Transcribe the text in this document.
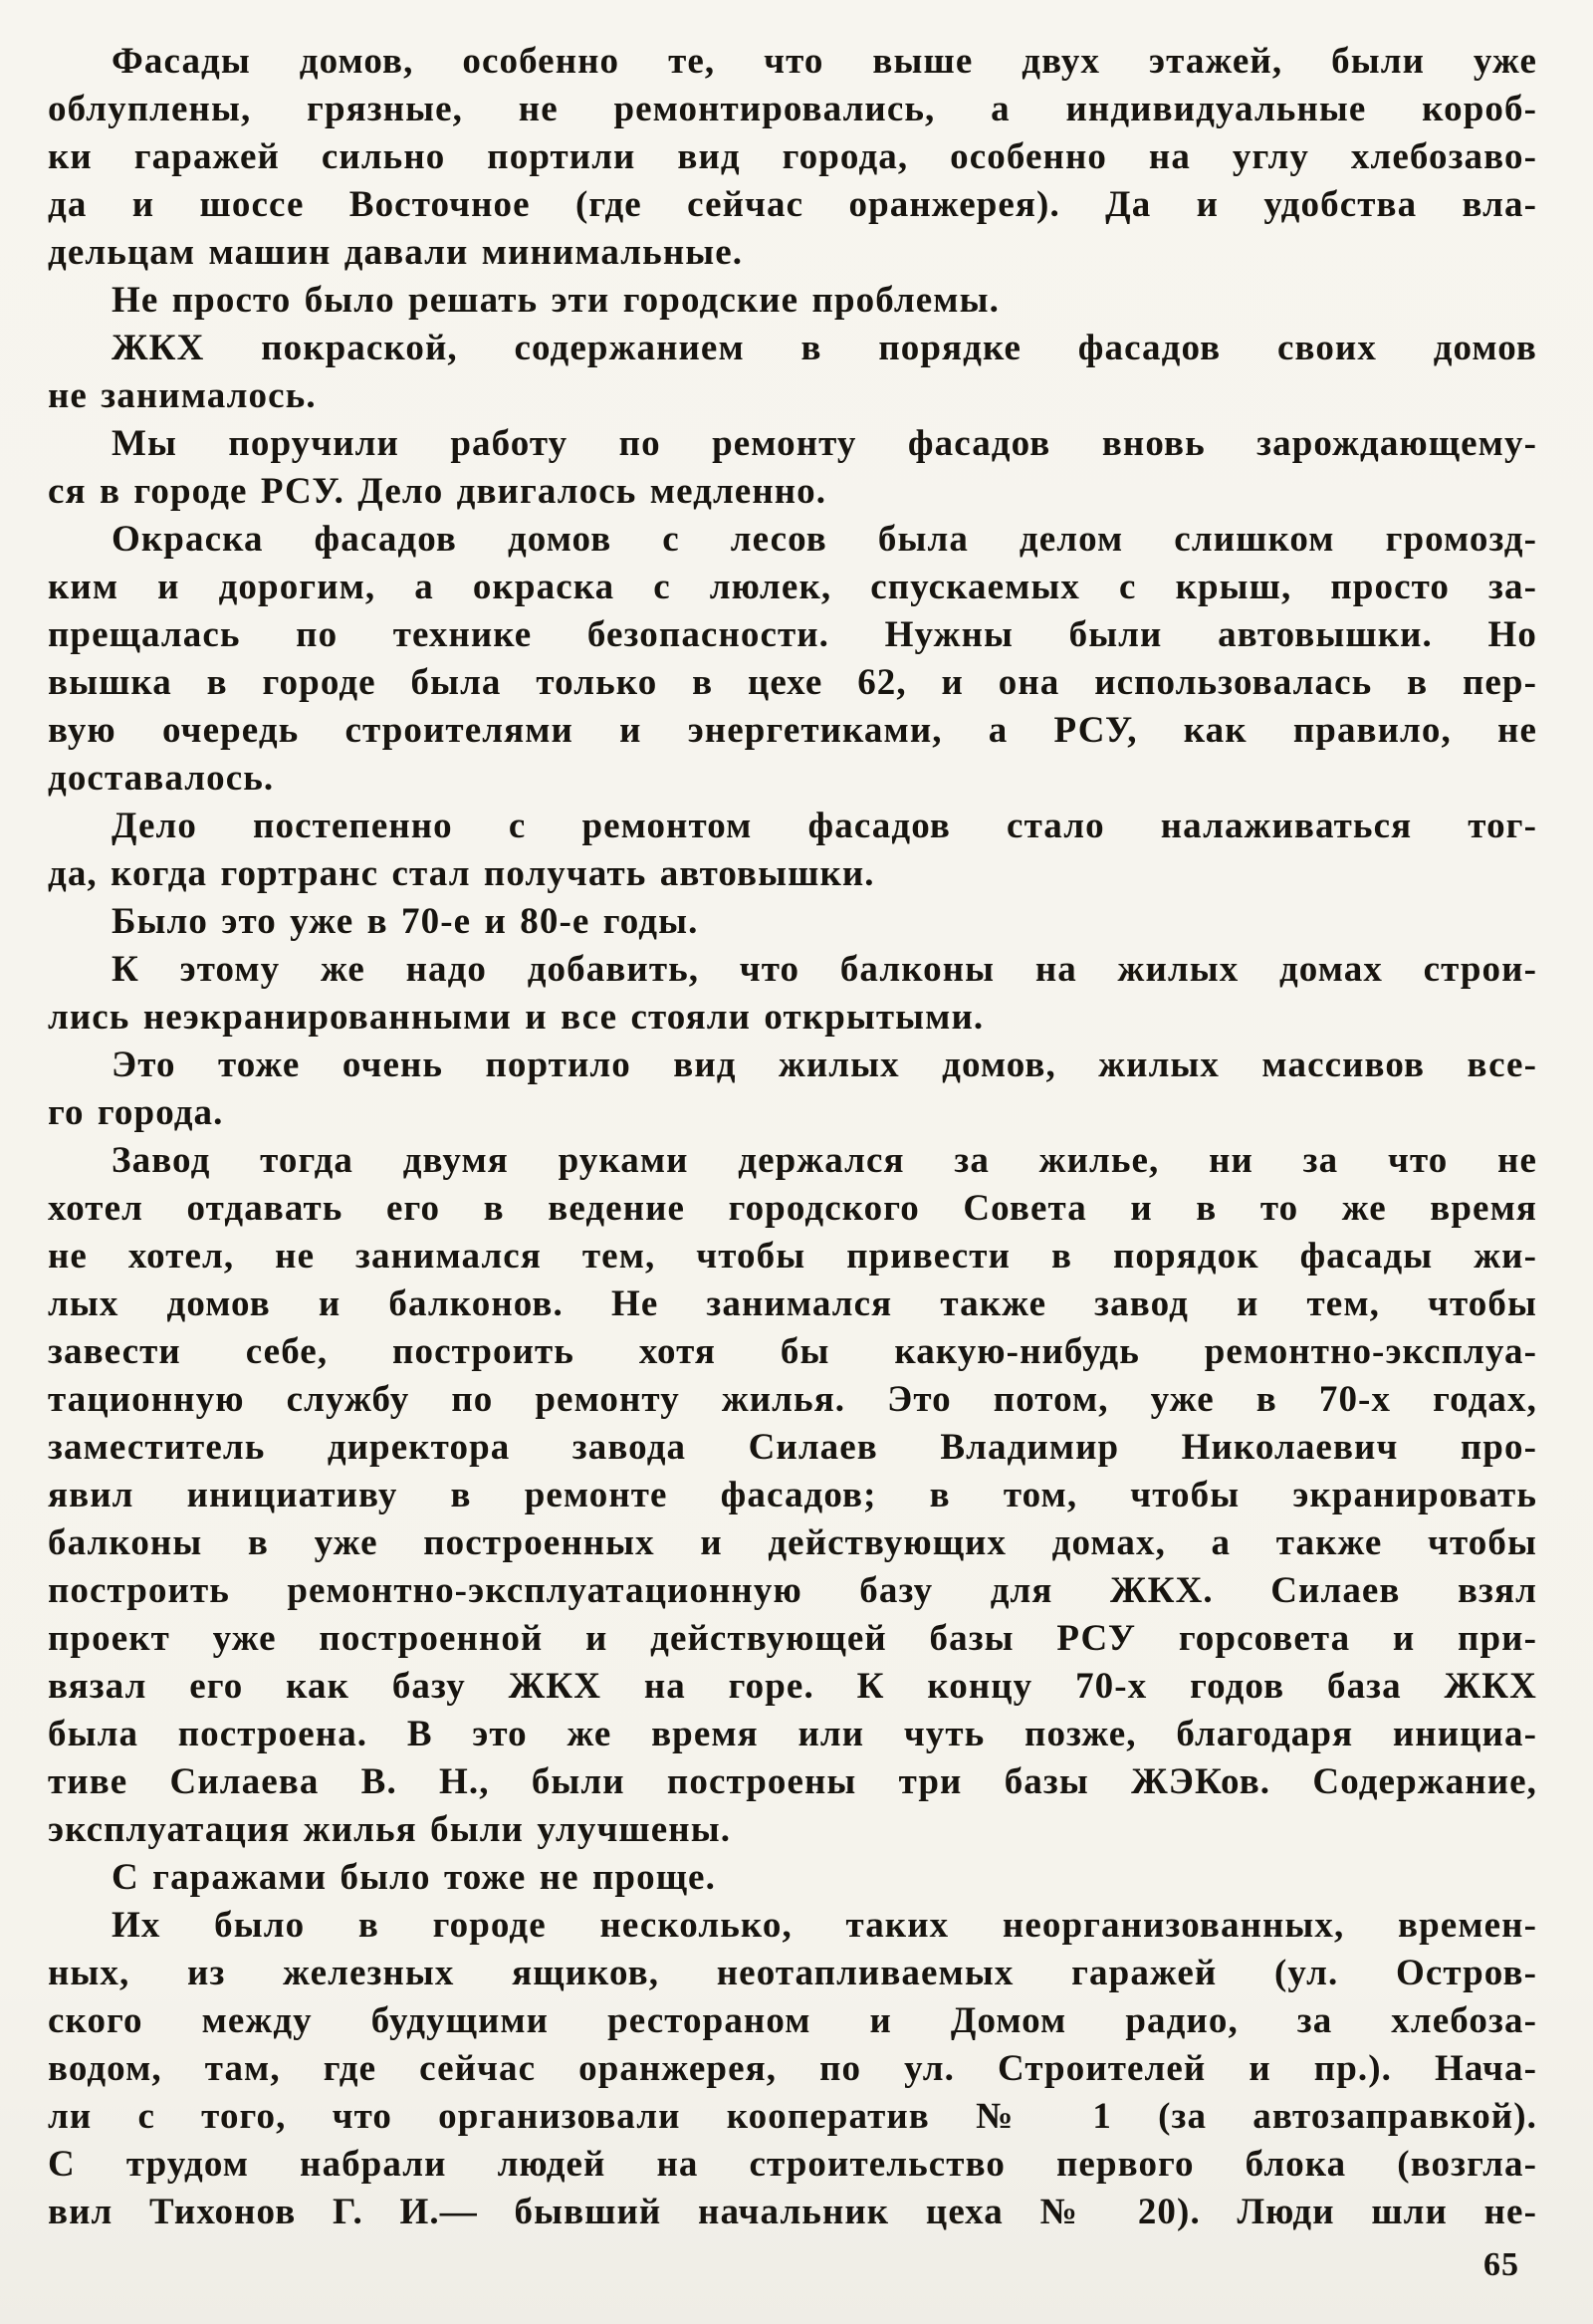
Фасады домов, особенно те, что выше двух этажей, были уже
облуплены, грязные, не ремонтировались, а индивидуальные короб-
ки гаражей сильно портили вид города, особенно на углу хлебозаво-
да и шоссе Восточное (где сейчас оранжерея). Да и удобства вла-
дельцам машин давали минимальные.
Не просто было решать эти городские проблемы.
ЖКХ покраской, содержанием в порядке фасадов своих домов
не занималось.
Мы поручили работу по ремонту фасадов вновь зарождающему-
ся в городе РСУ. Дело двигалось медленно.
Окраска фасадов домов с лесов была делом слишком громозд-
ким и дорогим, а окраска с люлек, спускаемых с крыш, просто за-
прещалась по технике безопасности. Нужны были автовышки. Но
вышка в городе была только в цехе 62, и она использовалась в пер-
вую очередь строителями и энергетиками, а РСУ, как правило, не
доставалось.
Дело постепенно с ремонтом фасадов стало налаживаться тог-
да, когда гортранс стал получать автовышки.
Было это уже в 70-е и 80-е годы.
К этому же надо добавить, что балконы на жилых домах строи-
лись неэкранированными и все стояли открытыми.
Это тоже очень портило вид жилых домов, жилых массивов все-
го города.
Завод тогда двумя руками держался за жилье, ни за что не
хотел отдавать его в ведение городского Совета и в то же время
не хотел, не занимался тем, чтобы привести в порядок фасады жи-
лых домов и балконов. Не занимался также завод и тем, чтобы
завести себе, построить хотя бы какую-нибудь ремонтно-эксплуа-
тационную службу по ремонту жилья. Это потом, уже в 70-х годах,
заместитель директора завода Силаев Владимир Николаевич про-
явил инициативу в ремонте фасадов; в том, чтобы экранировать
балконы в уже построенных и действующих домах, а также чтобы
построить ремонтно-эксплуатационную базу для ЖКХ. Силаев взял
проект уже построенной и действующей базы РСУ горсовета и при-
вязал его как базу ЖКХ на горе. К концу 70-х годов база ЖКХ
была построена. В это же время или чуть позже, благодаря инициа-
тиве Силаева В. Н., были построены три базы ЖЭКов. Содержание,
эксплуатация жилья были улучшены.
С гаражами было тоже не проще.
Их было в городе несколько, таких неорганизованных, времен-
ных, из железных ящиков, неотапливаемых гаражей (ул. Остров-
ского между будущими рестораном и Домом радио, за хлебоза-
водом, там, где сейчас оранжерея, по ул. Строителей и пр.). Нача-
ли с того, что организовали кооператив № 1 (за автозаправкой).
С трудом набрали людей на строительство первого блока (возгла-
вил Тихонов Г. И.— бывший начальник цеха № 20). Люди шли не-
65
